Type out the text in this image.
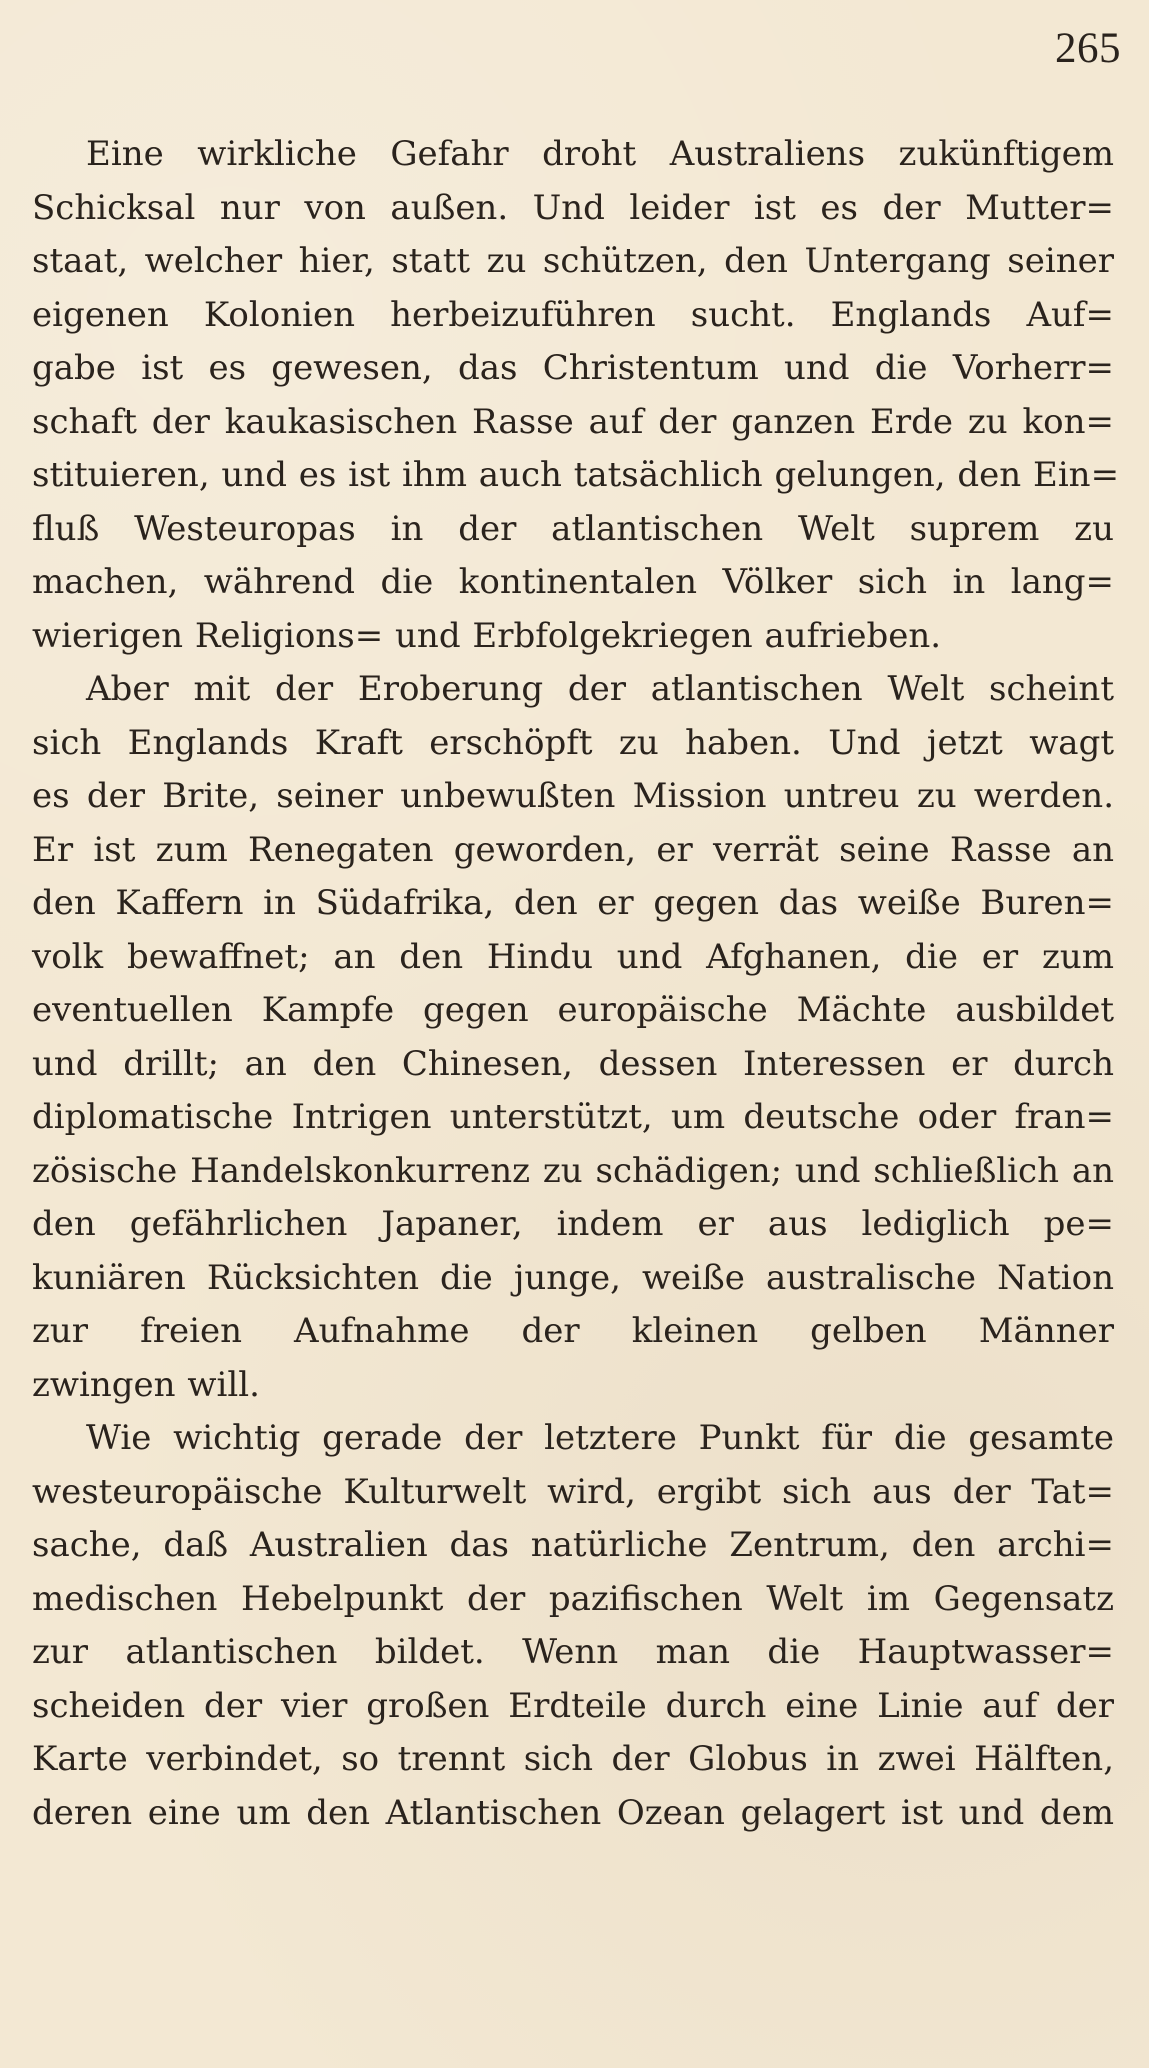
265
Eine wirkliche Gefahr droht Australiens zukünftigem
Schicksal nur von außen. Und leider ist es der Mutter=
staat, welcher hier, statt zu schützen, den Untergang seiner
eigenen Kolonien herbeizuführen sucht. Englands Auf=
gabe ist es gewesen, das Christentum und die Vorherr=
schaft der kaukasischen Rasse auf der ganzen Erde zu kon=
stituieren, und es ist ihm auch tatsächlich gelungen, den Ein=
fluß Westeuropas in der atlantischen Welt suprem zu
machen, während die kontinentalen Völker sich in lang=
wierigen Religions= und Erbfolgekriegen aufrieben.
Aber mit der Eroberung der atlantischen Welt scheint
sich Englands Kraft erschöpft zu haben. Und jetzt wagt
es der Brite, seiner unbewußten Mission untreu zu werden.
Er ist zum Renegaten geworden, er verrät seine Rasse an
den Kaffern in Südafrika, den er gegen das weiße Buren=
volk bewaffnet; an den Hindu und Afghanen, die er zum
eventuellen Kampfe gegen europäische Mächte ausbildet
und drillt; an den Chinesen, dessen Interessen er durch
diplomatische Intrigen unterstützt, um deutsche oder fran=
zösische Handelskonkurrenz zu schädigen; und schließlich an
den gefährlichen Japaner, indem er aus lediglich pe=
kuniären Rücksichten die junge, weiße australische Nation
zur freien Aufnahme der kleinen gelben Männer
zwingen will.
Wie wichtig gerade der letztere Punkt für die gesamte
westeuropäische Kulturwelt wird, ergibt sich aus der Tat=
sache, daß Australien das natürliche Zentrum, den archi=
medischen Hebelpunkt der pazifischen Welt im Gegensatz
zur atlantischen bildet. Wenn man die Hauptwasser=
scheiden der vier großen Erdteile durch eine Linie auf der
Karte verbindet, so trennt sich der Globus in zwei Hälften,
deren eine um den Atlantischen Ozean gelagert ist und dem
